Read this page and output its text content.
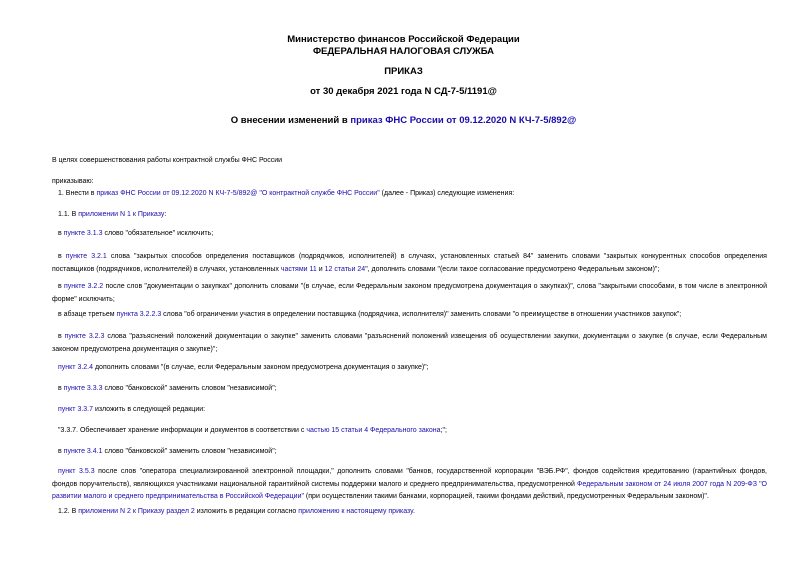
Министерство финансов Российской Федерации
ФЕДЕРАЛЬНАЯ НАЛОГОВАЯ СЛУЖБА
ПРИКАЗ
от 30 декабря 2021 года N СД-7-5/1191@
О внесении изменений в приказ ФНС России от 09.12.2020 N КЧ-7-5/892@

В целях совершенствования работы контрактной службы ФНС России

приказываю:

1. Внести в приказ ФНС России от 09.12.2020 N КЧ-7-5/892@ "О контрактной службе ФНС России" (далее - Приказ) следующие изменения:

1.1. В приложении N 1 к Приказу:

в пункте 3.1.3 слово "обязательное" исключить;

в пункте 3.2.1 слова "закрытых способов определения поставщиков (подрядчиков, исполнителей) в случаях, установленных статьей 84" заменить словами "закрытых конкурентных способов определения
поставщиков (подрядчиков, исполнителей) в случаях, установленных частями 11 и 12 статьи 24", дополнить словами "(если такое согласование предусмотрено Федеральным законом)";
в пункте 3.2.2 после слов "документации о закупках" дополнить словами "(в случае, если Федеральным законом предусмотрена документация о закупках)", слова "закрытыми способами, в том числе в электронной
форме" исключить;

в абзаце третьем пункта 3.2.2.3 слова "об ограничении участия в определении поставщика (подрядчика, исполнителя)" заменить словами "о преимуществе в отношении участников закупок";

в пункте 3.2.3 слова "разъяснений положений документации о закупке" заменить словами "разъяснений положений извещения об осуществлении закупки, документации о закупке (в случае, если Федеральным
законом предусмотрена документация о закупке)";

пункт 3.2.4 дополнить словами "(в случае, если Федеральным законом предусмотрена документация о закупке)";

в пункте 3.3.3 слово "банковской" заменить словом "независимой";

пункт 3.3.7 изложить в следующей редакции:

"3.3.7. Обеспечивает хранение информации и документов в соответствии с частью 15 статьи 4 Федерального закона;";

в пункте 3.4.1 слово "банковской" заменить словом "независимой";

пункт 3.5.3 после слов "оператора специализированной электронной площадки," дополнить словами "банков, государственной корпорации "ВЭБ.РФ", фондов содействия кредитованию (гарантийных фондов,
фондов поручительств), являющихся участниками национальной гарантийной системы поддержки малого и среднего предпринимательства, предусмотренной Федеральным законом от 24 июля 2007 года N 209-ФЗ "О
развитии малого и среднего предпринимательства в Российской Федерации" (при осуществлении такими банками, корпорацией, такими фондами действий, предусмотренных Федеральным законом)".

1.2. В приложении N 2 к Приказу раздел 2 изложить в редакции согласно приложению к настоящему приказу.
